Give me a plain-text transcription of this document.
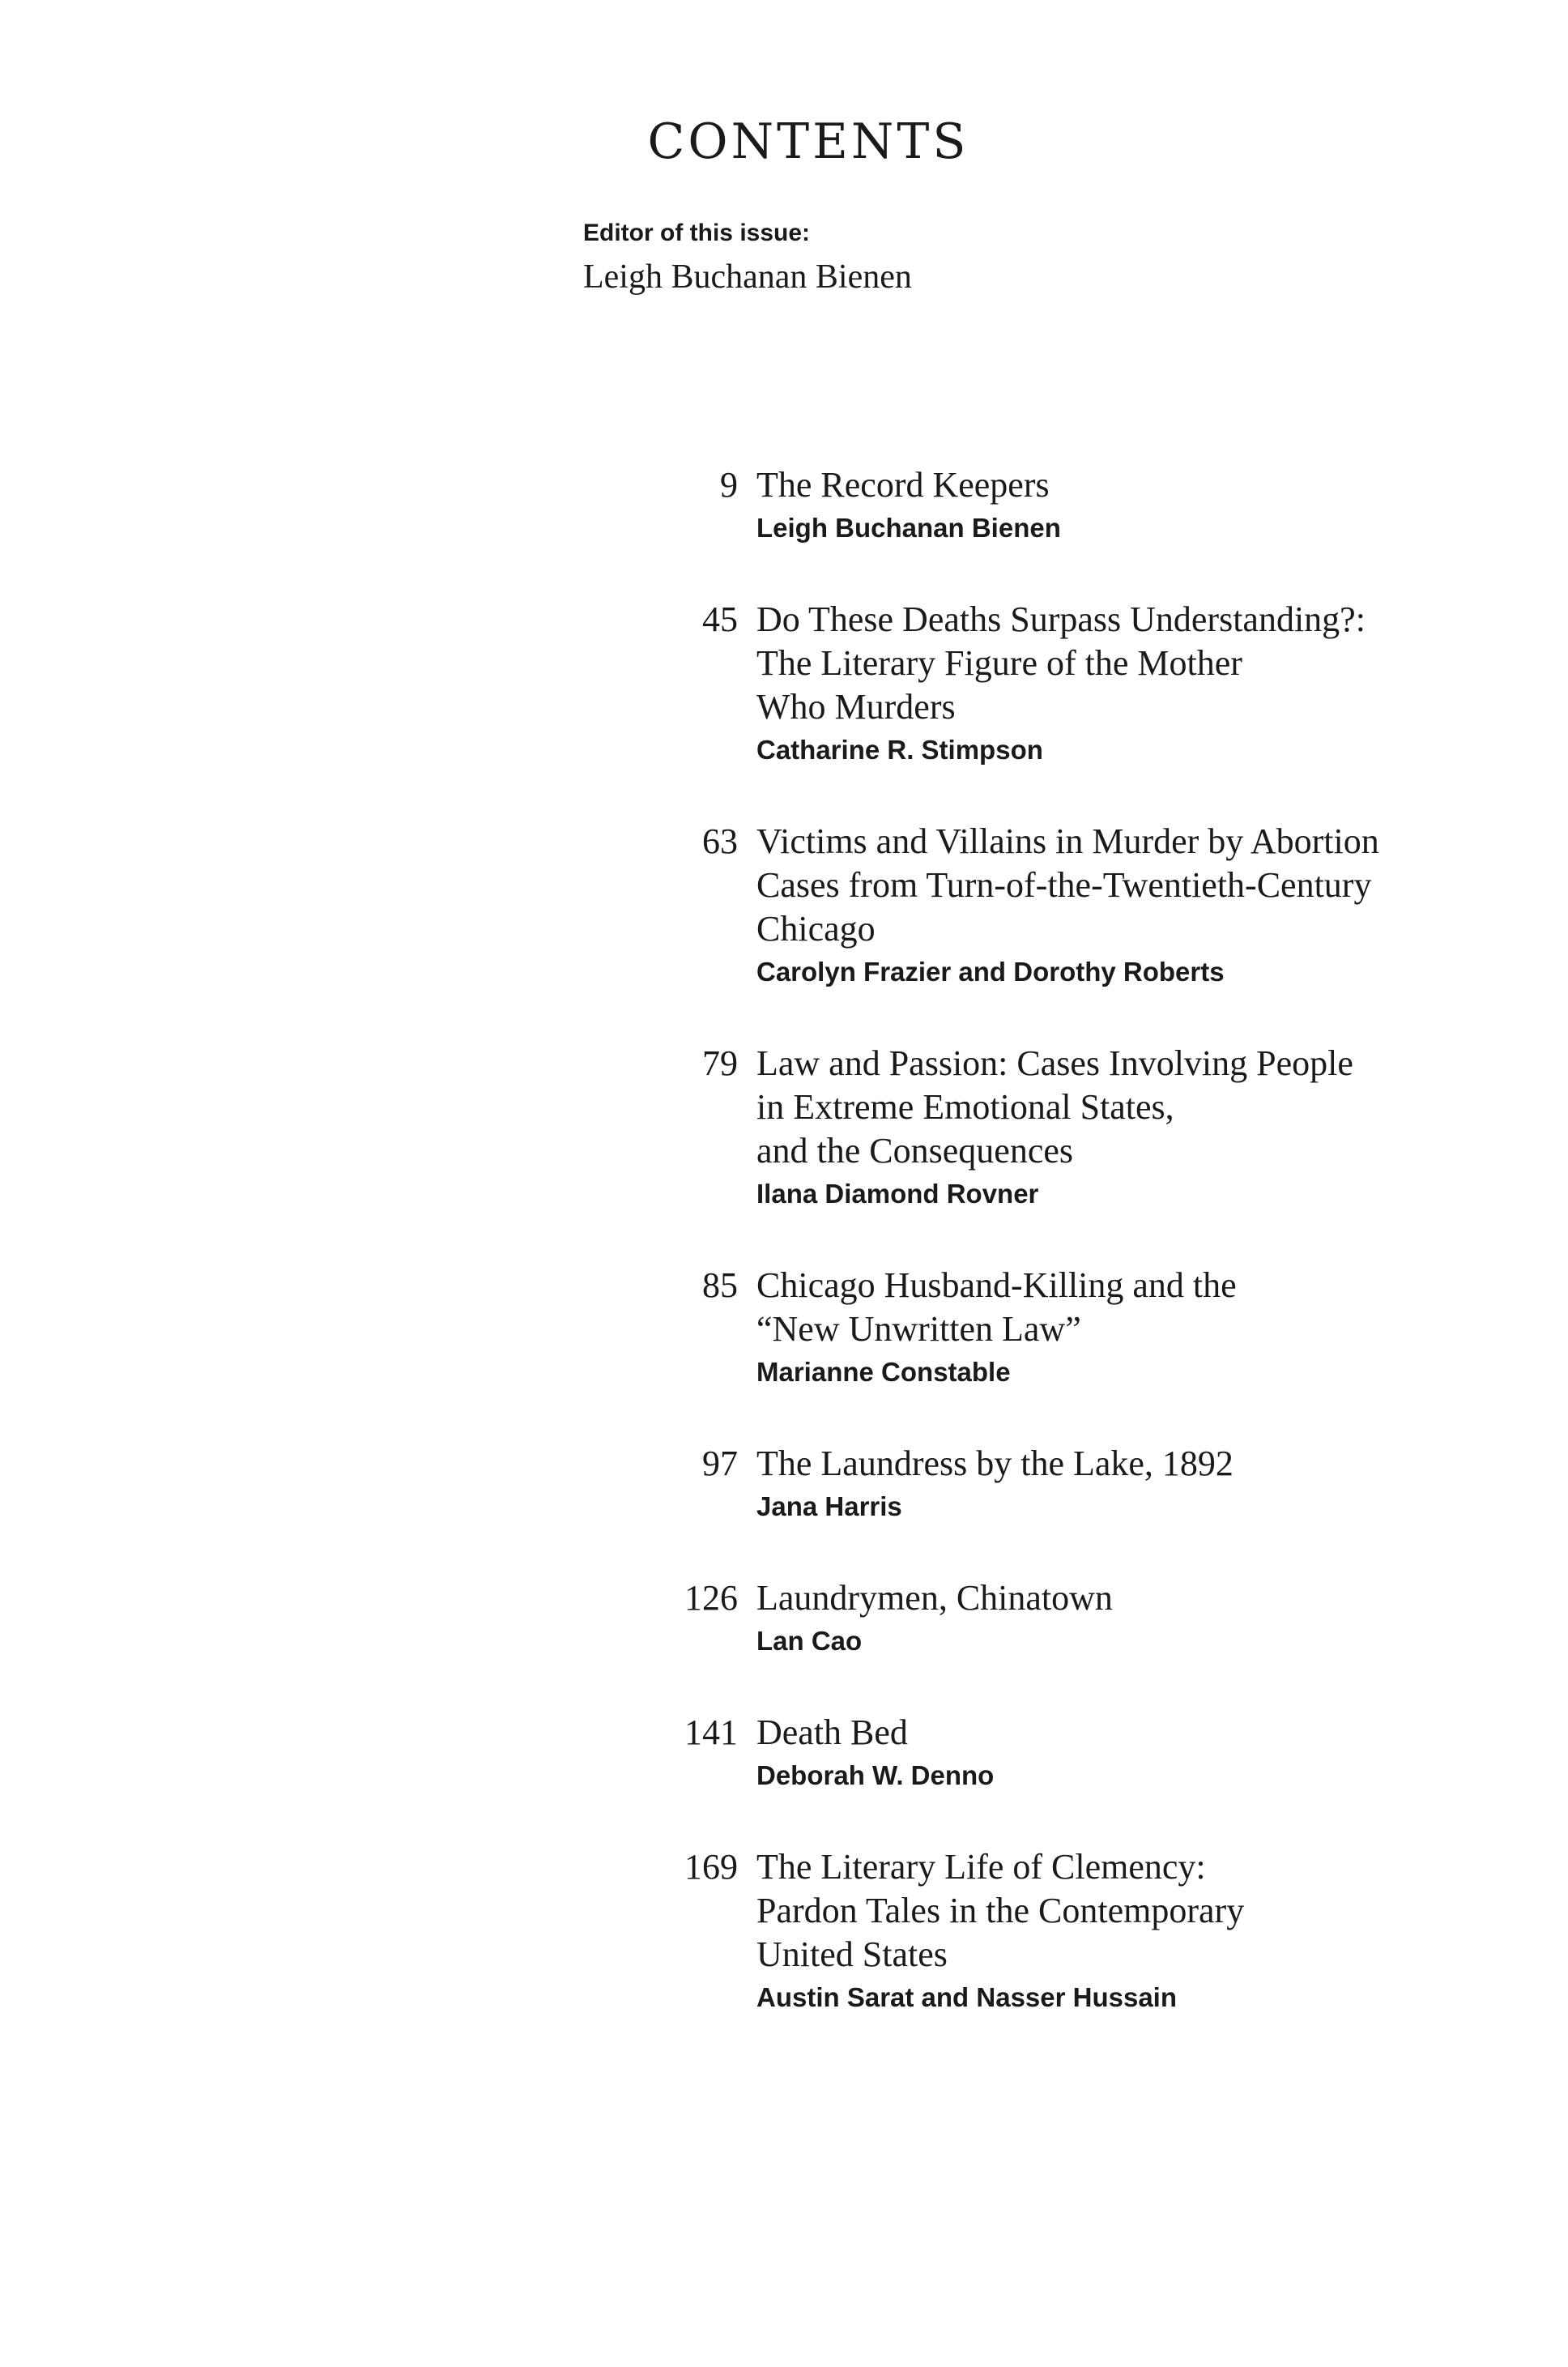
CONTENTS
Editor of this issue:
Leigh Buchanan Bienen
9 The Record Keepers
Leigh Buchanan Bienen
45 Do These Deaths Surpass Understanding?:
The Literary Figure of the Mother
Who Murders
Catharine R. Stimpson
63 Victims and Villains in Murder by Abortion
Cases from Turn-of-the-Twentieth-Century
Chicago
Carolyn Frazier and Dorothy Roberts
79 Law and Passion: Cases Involving People
in Extreme Emotional States,
and the Consequences
Ilana Diamond Rovner
85 Chicago Husband-Killing and the
“New Unwritten Law”
Marianne Constable
97 The Laundress by the Lake, 1892
Jana Harris
126 Laundrymen, Chinatown
Lan Cao
141 Death Bed
Deborah W. Denno
169 The Literary Life of Clemency:
Pardon Tales in the Contemporary
United States
Austin Sarat and Nasser Hussain
